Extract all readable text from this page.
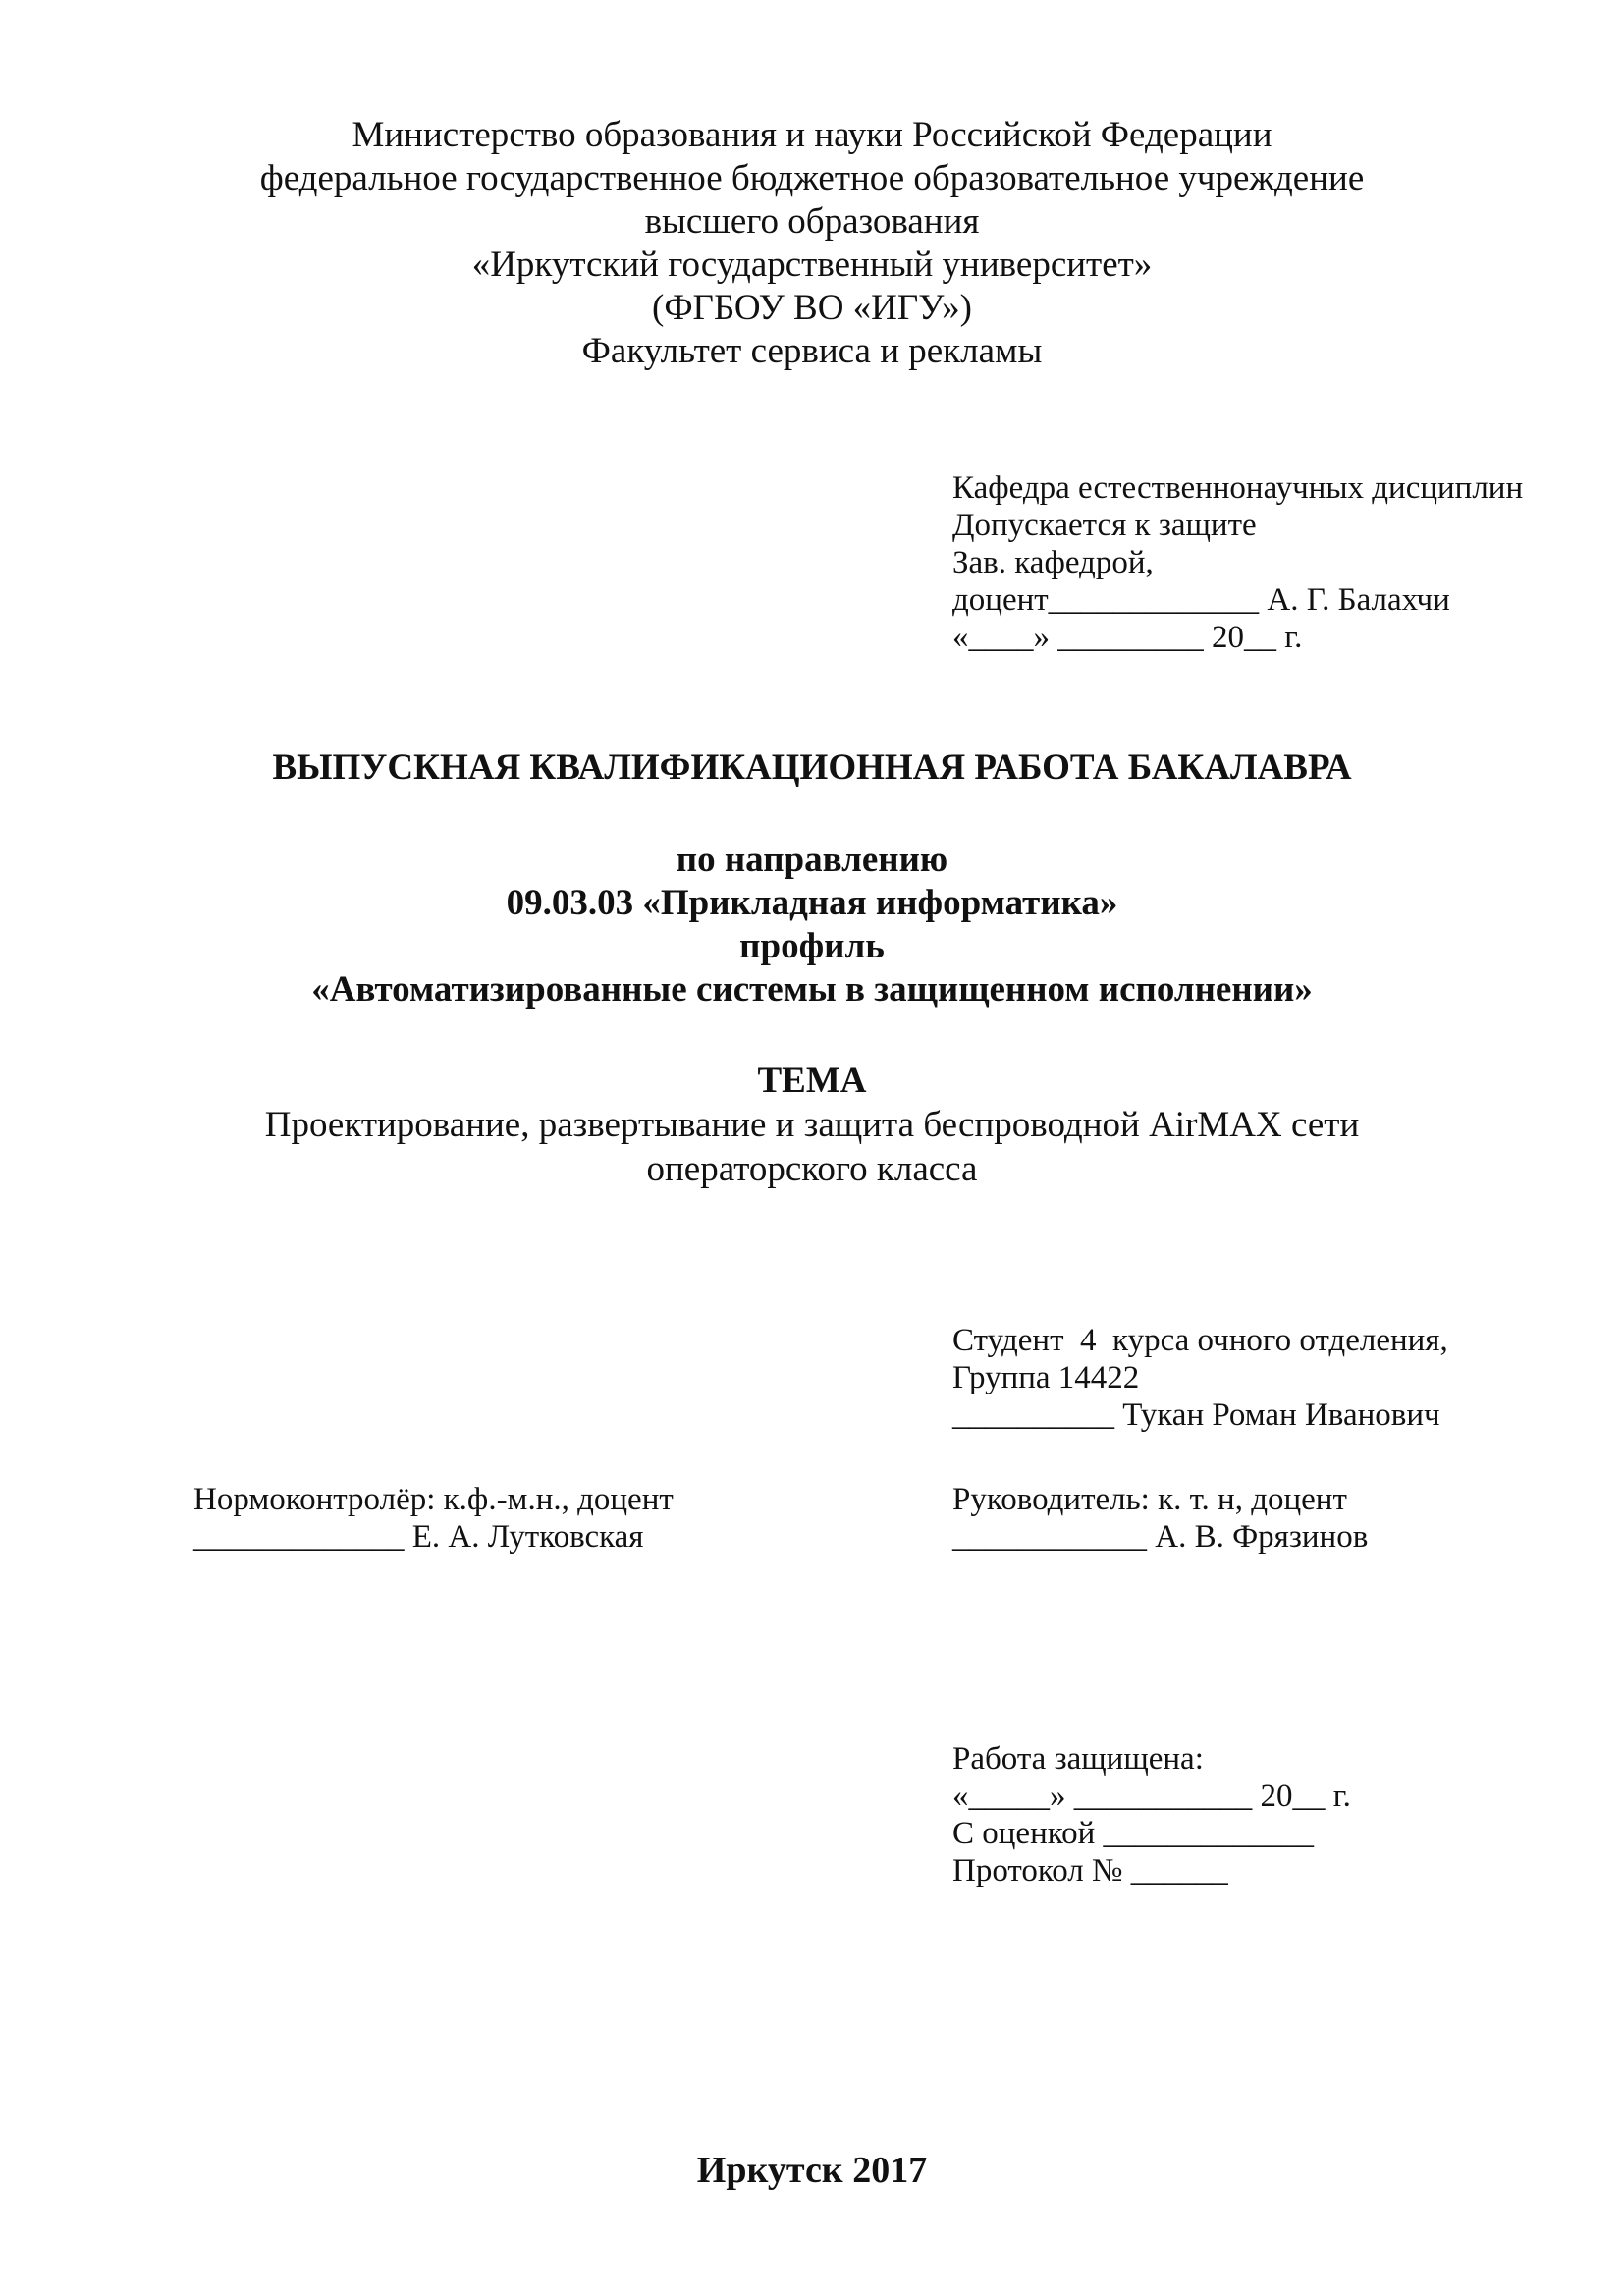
Министерство образования и науки Российской Федерации
федеральное государственное бюджетное образовательное учреждение
высшего образования
«Иркутский государственный университет»
(ФГБОУ ВО «ИГУ»)
Факультет сервиса и рекламы
Кафедра естественнонаучных дисциплин
Допускается к защите
Зав. кафедрой,
доцент_____________ А. Г. Балахчи
«____» _________ 20__ г.
ВЫПУСКНАЯ КВАЛИФИКАЦИОННАЯ РАБОТА БАКАЛАВРА
по направлению
09.03.03 «Прикладная информатика»
профиль
«Автоматизированные системы в защищенном исполнении»
ТЕМА
Проектирование, развертывание и защита беспроводной AirMAX сети
операторского класса
Студент  4  курса очного отделения,
Группа 14422
__________ Тукан Роман Иванович
Нормоконтролёр: к.ф.-м.н., доцент
_____________ Е. А. Лутковская
Руководитель: к. т. н, доцент
____________ А. В. Фрязинов
Работа защищена:
«_____» ___________ 20__ г.
С оценкой _____________
Протокол № ______
Иркутск 2017
